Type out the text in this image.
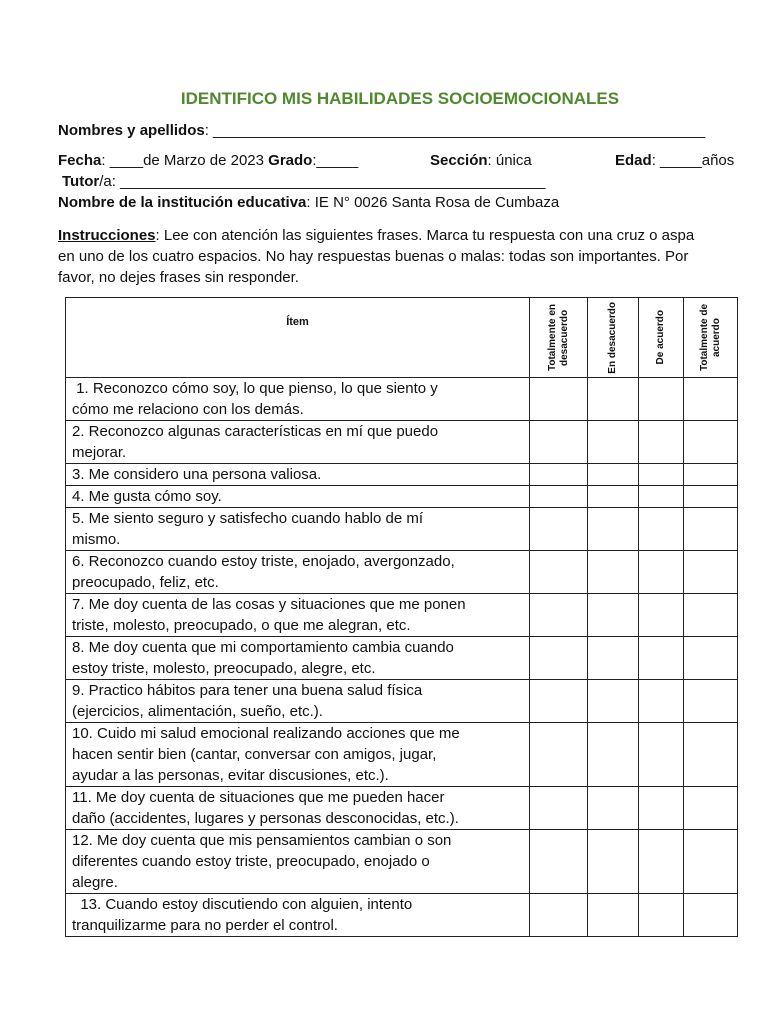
IDENTIFICO MIS HABILIDADES SOCIOEMOCIONALES
Nombres y apellidos: ___________________________________________________________
Fecha: ____de Marzo de 2023 Grado:_____	Sección: única	Edad: _____años
Tutor/a: ___________________________________________________
Nombre de la institución educativa: IE N° 0026 Santa Rosa de Cumbaza
Instrucciones: Lee con atención las siguientes frases. Marca tu respuesta con una cruz o aspa
en uno de los cuatro espacios. No hay respuestas buenas o malas: todas son importantes. Por
favor, no dejes frases sin responder.
Ítem	Totalmente en desacuerdo	En desacuerdo	De acuerdo	Totalmente de acuerdo

1. Reconozco cómo soy, lo que pienso, lo que siento y
cómo me relaciono con los demás.				
2. Reconozco algunas características en mí que puedo
mejorar.				
3. Me considero una persona valiosa.				
4. Me gusta cómo soy.				
5. Me siento seguro y satisfecho cuando hablo de mí
mismo.				
6. Reconozco cuando estoy triste, enojado, avergonzado,
preocupado, feliz, etc.				
7. Me doy cuenta de las cosas y situaciones que me ponen
triste, molesto, preocupado, o que me alegran, etc.				
8. Me doy cuenta que mi comportamiento cambia cuando
estoy triste, molesto, preocupado, alegre, etc.				
9. Practico hábitos para tener una buena salud física
(ejercicios, alimentación, sueño, etc.).				
10. Cuido mi salud emocional realizando acciones que me
hacen sentir bien (cantar, conversar con amigos, jugar,
ayudar a las personas, evitar discusiones, etc.).				
11. Me doy cuenta de situaciones que me pueden hacer
daño (accidentes, lugares y personas desconocidas, etc.).				
12. Me doy cuenta que mis pensamientos cambian o son
diferentes cuando estoy triste, preocupado, enojado o
alegre.				
13. Cuando estoy discutiendo con alguien, intento
tranquilizarme para no perder el control.				
